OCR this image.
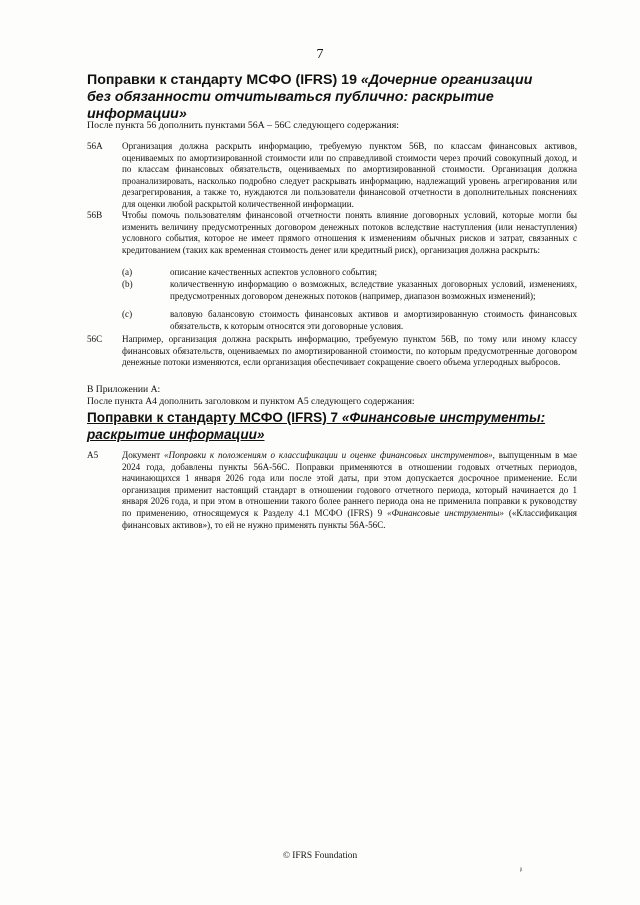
7
Поправки к стандарту МСФО (IFRS) 19 «Дочерние организации без обязанности отчитываться публично: раскрытие информации»
После пункта 56 дополнить пунктами 56А – 56С следующего содержания:
56А Организация должна раскрыть информацию, требуемую пунктом 56В, по классам финансовых активов, оцениваемых по амортизированной стоимости или по справедливой стоимости через прочий совокупный доход, и по классам финансовых обязательств, оцениваемых по амортизированной стоимости. Организация должна проанализировать, насколько подробно следует раскрывать информацию, надлежащий уровень агрегирования или дезагрегирования, а также то, нуждаются ли пользователи финансовой отчетности в дополнительных пояснениях для оценки любой раскрытой количественной информации.
56В Чтобы помочь пользователям финансовой отчетности понять влияние договорных условий, которые могли бы изменить величину предусмотренных договором денежных потоков вследствие наступления (или ненаступления) условного события, которое не имеет прямого отношения к изменениям обычных рисков и затрат, связанных с кредитованием (таких как временная стоимость денег или кредитный риск), организация должна раскрыть:
(a)	описание качественных аспектов условного события;
(b)	количественную информацию о возможных, вследствие указанных договорных условий, изменениях, предусмотренных договором денежных потоков (например, диапазон возможных изменений);
(c)	валовую балансовую стоимость финансовых активов и амортизированную стоимость финансовых обязательств, к которым относятся эти договорные условия.
56С Например, организация должна раскрыть информацию, требуемую пунктом 56В, по тому или иному классу финансовых обязательств, оцениваемых по амортизированной стоимости, по которым предусмотренные договором денежные потоки изменяются, если организация обеспечивает сокращение своего объема углеродных выбросов.
В Приложении А:
После пункта А4 дополнить заголовком и пунктом А5 следующего содержания:
Поправки к стандарту МСФО (IFRS) 7 «Финансовые инструменты: раскрытие информации»
А5	Документ «Поправки к положениям о классификации и оценке финансовых инструментов», выпущенным в мае 2024 года, добавлены пункты 56А-56С. Поправки применяются в отношении годовых отчетных периодов, начинающихся 1 января 2026 года или после этой даты, при этом допускается досрочное применение. Если организация применит настоящий стандарт в отношении годового отчетного периода, который начинается до 1 января 2026 года, и при этом в отношении такого более раннего периода она не применила поправки к руководству по применению, относящемуся к Разделу 4.1 МСФО (IFRS) 9 «Финансовые инструменты» («Классификация финансовых активов»), то ей не нужно применять пункты 56А-56С.
© IFRS Foundation
ᵝ
